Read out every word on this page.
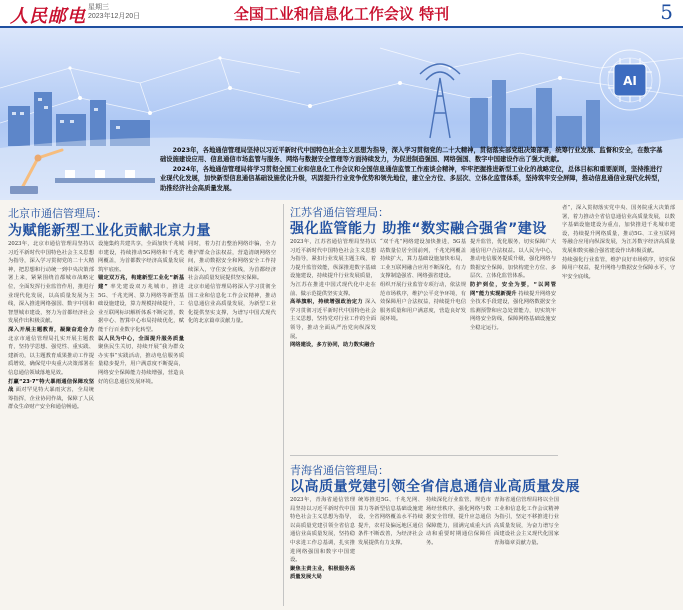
人民邮电 星期三
2023年12月20日	全国工业和信息化工作会议 特刊	5
AI

2023年，各地通信管理局坚持以习近平新时代中国特色社会主义思想为指导，深入学习贯彻党的二十大精神，贯彻落实部党组决策部署，统筹行业发展、监督和安全，在数字基础设施建设应用、信息通信市场监管与服务、网络与数据安全管理等方面持续发力，为促进制造强国、网络强国、数字中国建设作出了强大贡献。

2024年，各地通信管理局将学习贯彻全国工业和信息化工作会议和全国信息通信监管工作座谈会精神，牢牢把握推进新型工业化的战略定位，总体目标和重要原则，坚持推进行业现代化发展，加快新型信息通信基础设施优化升级，巩固提升行业竞争优势和领先地位，建立全方位、多层次、立体化监管体系，坚持筑牢安全屏障，推动信息通信业现代化转型，助推经济社会高质量发展。

北京市通信管理局：
为赋能新型工业化贡献北京力量
2023年，北京市通信管理局坚持以习近平新时代中国特色社会主义思想为指导，深入学习贯彻党的二十大精神，把思想和行动统一到中央决策部署上来，紧紧围绕首都城市战略定位，全面发挥行业监管作用，推进行业现代化发展，以高质量发展为主线，深入推进网络强国、数字中国和智慧城市建设，努力为首都经济社会发展作出积极贡献。
深入开展主题教育，凝聚奋进合力 北京市通信管理局扎实开展主题教育，坚持学思想、强党性、重实践、建新功，以主题教育成果推动工作提质增效，确保党中央重大决策部署在信息通信领域落地见效。
打赢“23·7”特大暴雨通信保障攻坚战 面对罕见特大暴雨灾害，全局统筹指挥，企业协同作战，保障了人民群众生命财产安全和通信畅通。
设施集约共建共享，全面加快千兆城市建设，持续推动5G网络和千兆光网覆盖，为首都数字经济高质量发展筑牢底座。
锚定双万兆，构建新型工业化“新基建” 率先建设双万兆城市，推进5G、千兆光网、算力网络等新型基础设施建设，算力规模持续提升，工业互联网标识解析体系不断完善，数据中心、智算中心布局持续优化，赋能千行百业数字化转型。
以人民为中心，全面提升服务质量 聚焦民生关切，持续开展“我为群众办实事”实践活动，推动电信服务质量稳步提升，用户满意度不断提高，网络安全保障能力持续增强，营造良好的信息通信发展环境。
同时，着力打击整治网络诈骗，全力维护群众合法权益，营造清朗网络空间，推动数据安全和网络安全工作持续深入，守住安全底线，为首都经济社会高质量发展提供坚实保障。
北京市通信管理局将深入学习贯彻全国工业和信息化工作会议精神，推动信息通信业高质量发展，为新型工业化提供坚实支撑，为谱写中国式现代化的北京篇章贡献力量。
江苏省通信管理局：
强化监管能力 助推“数实融合强省”建设
2023年，江苏省通信管理局坚持以习近平新时代中国特色社会主义思想为指导，紧扣行业发展主题主线，着力提升监管效能，纵深推进数字基础设施建设，持续提升行业发展质量，为江苏在推进中国式现代化中走在前、做示范提供坚实支撑。
高举旗帜，持续增强政治定力 深入学习贯彻习近平新时代中国特色社会主义思想，坚持党对行业工作的全面领导，推动全面从严治党向纵深发展。
网络建设，多方协同，助力数实融合
“双千兆”网络建设加快推进，5G基站数量位居全国前列，千兆光网覆盖持续扩大，算力基础设施加快布局，工业互联网融合应用不断深化，有力支撑制造强省、网络强省建设。
组织开展行业监管专项行动，依法规范市场秩序，维护公平竞争环境，有效保障用户合法权益，持续提升电信服务质量和用户满意度，营造良好发展环境。
提升监管，优化服务，切实保障广大通信用户合法权益。以人民为中心，推动电信服务提质升级，强化网络与数据安全保障，加快构建全方位、多层次、立体化监管体系。
防护到位，安全为要，“以网管网”能力实现新提升 持续提升网络安全技术手段建设，强化网络数据安全监测预警和应急处置能力，切实筑牢网络安全防线，保障网络基础设施安全稳定运行。
者”，深入贯彻落实党中央、国务院重大决策部署，着力推动全省信息通信业高质量发展，以数字基础设施建设为重点，加快推进千兆城市建设，持续提升网络质量，推动5G、工业互联网等融合应用向纵深发展，为江苏数字经济高质量发展和数实融合强省建设作出积极贡献。
持续强化行业监管，维护良好市场秩序，切实保障用户权益，提升网络与数据安全保障水平，守牢安全底线。
青海省通信管理局：
以高质量党建引领全省信息通信业高质量发展
2023年，青海省通信管理局坚持以习近平新时代中国特色社会主义思想为指导，以高质量党建引领全省信息通信业高质量发展，坚持稳中求进工作总基调，扎实推进网络强国和数字中国建设。
聚焦主责主业，积极服务高质量发展大局
统筹推进5G、千兆光网、算力等新型信息基础设施建设，全省网络覆盖水平持续提升，农村及偏远地区通信条件不断改善，为经济社会发展提供有力支撑。
持续深化行业监管，规范市场经营秩序，强化网络与数据安全管理，提升应急通信保障能力，圆满完成重大活动和重要时期通信保障任务。
青海省通信管理局将以全国工业和信息化工作会议精神为指引，坚定不移推进行业高质量发展，为奋力谱写全面建设社会主义现代化国家青海篇章贡献力量。
